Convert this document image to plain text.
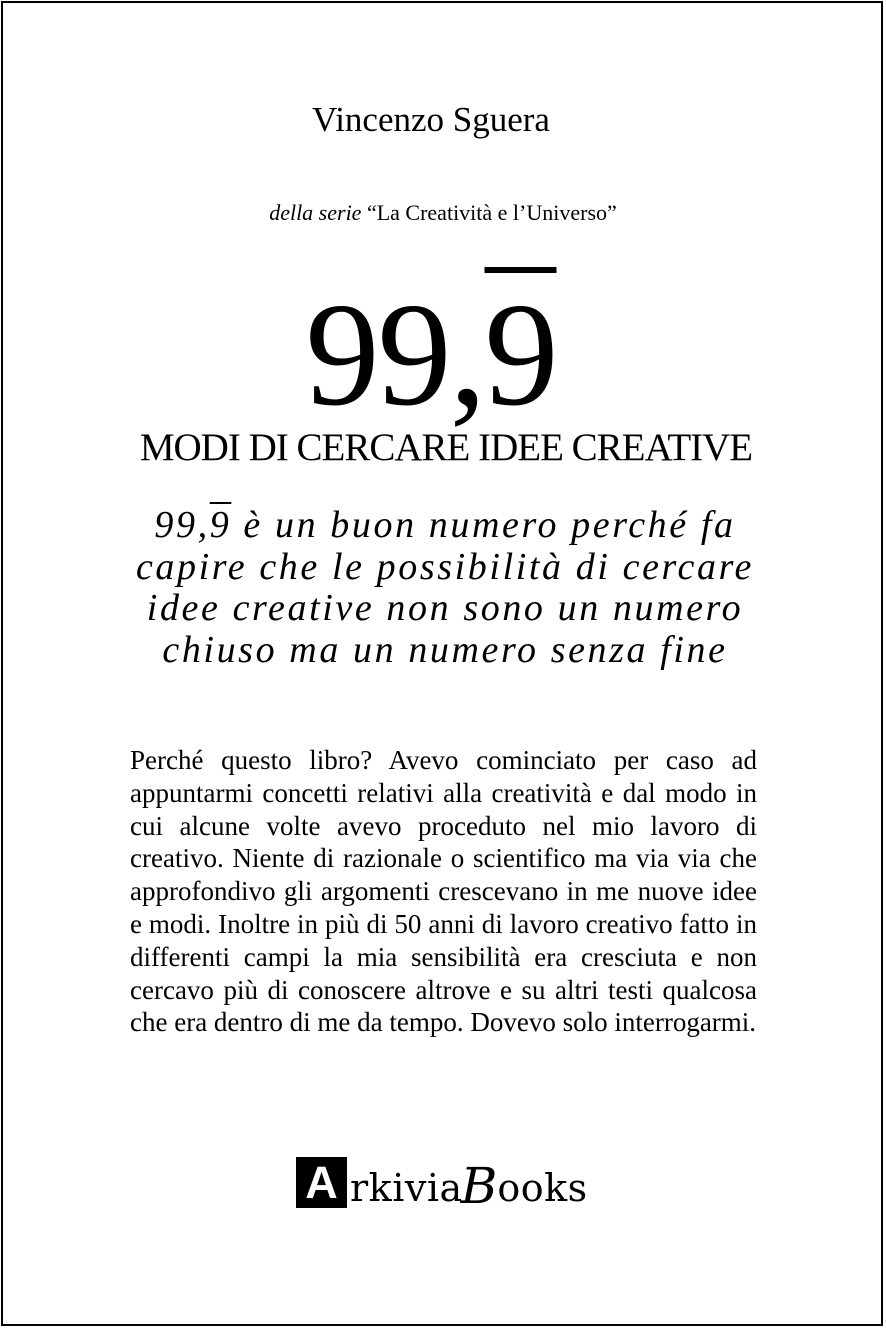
Vincenzo Sguera
della serie “La Creatività e l’Universo”
99,9
MODI DI CERCARE IDEE CREATIVE
99,9 è un buon numero perché fa capire che le possibilità di cercare idee creative non sono un numero chiuso ma un numero senza fine
Perché questo libro? Avevo cominciato per caso ad appuntarmi concetti relativi alla creatività e dal modo in cui alcune volte avevo proceduto nel mio lavoro di creativo. Niente di razionale o scientifico ma via via che approfondivo gli argomenti crescevano in me nuove idee e modi. Inoltre in più di 50 anni di lavoro creativo fatto in differenti campi la mia sensibilità era cresciuta e non cercavo più di conoscere altrove e su altri testi qualcosa che era dentro di me da tempo. Dovevo solo interrogarmi.
A rkivia
B ooks
